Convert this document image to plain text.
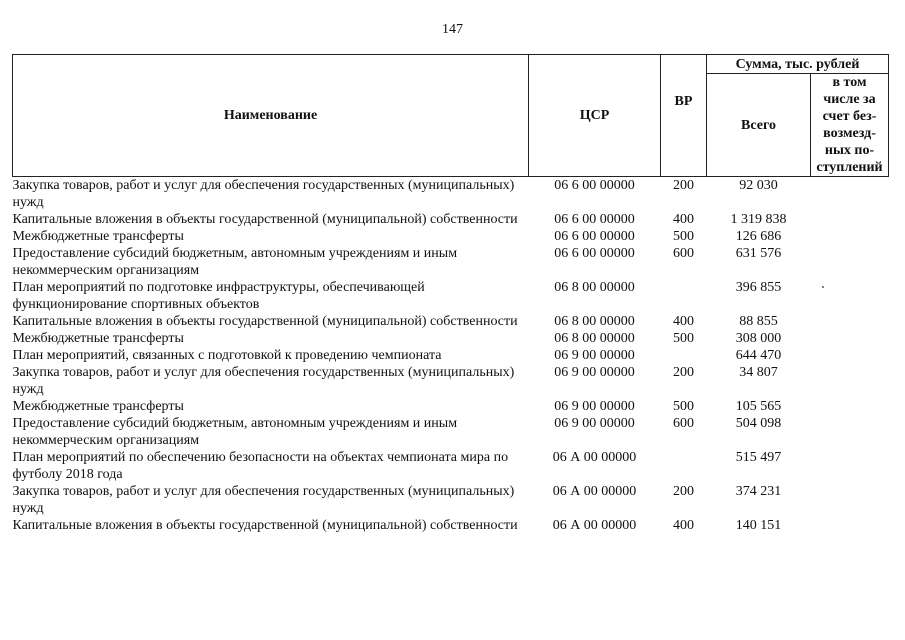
147
Наименование	ЦСР	ВР	Сумма, тыс. рублей	
			Всего	в том числе за счет без-возмезд-ных по-ступлений
Закупка товаров, работ и услуг для обеспечения государственных (муниципальных) нужд	06 6 00 00000	200	92 030	
Капитальные вложения в объекты государственной (муниципальной) собственности	06 6 00 00000	400	1 319 838	
Межбюджетные трансферты	06 6 00 00000	500	126 686	
Предоставление субсидий бюджетным, автономным учреждениям и иным некоммерческим организациям	06 6 00 00000	600	631 576	
План мероприятий по подготовке инфраструктуры, обеспечивающей функционирование спортивных объектов	06 8 00 00000		396 855	
Капитальные вложения в объекты государственной (муниципальной) собственности	06 8 00 00000	400	88 855	
Межбюджетные трансферты	06 8 00 00000	500	308 000	
План мероприятий, связанных с подготовкой к проведению чемпионата	06 9 00 00000		644 470	
Закупка товаров, работ и услуг для обеспечения государственных (муниципальных) нужд	06 9 00 00000	200	34 807	
Межбюджетные трансферты	06 9 00 00000	500	105 565	
Предоставление субсидий бюджетным, автономным учреждениям и иным некоммерческим организациям	06 9 00 00000	600	504 098	
План мероприятий по обеспечению безопасности на объектах чемпионата мира по футболу 2018 года	06 А 00 00000		515 497	
Закупка товаров, работ и услуг для обеспечения государственных (муниципальных) нужд	06 А 00 00000	200	374 231	
Капитальные вложения в объекты государственной (муниципальной) собственности	06 А 00 00000	400	140 151	
